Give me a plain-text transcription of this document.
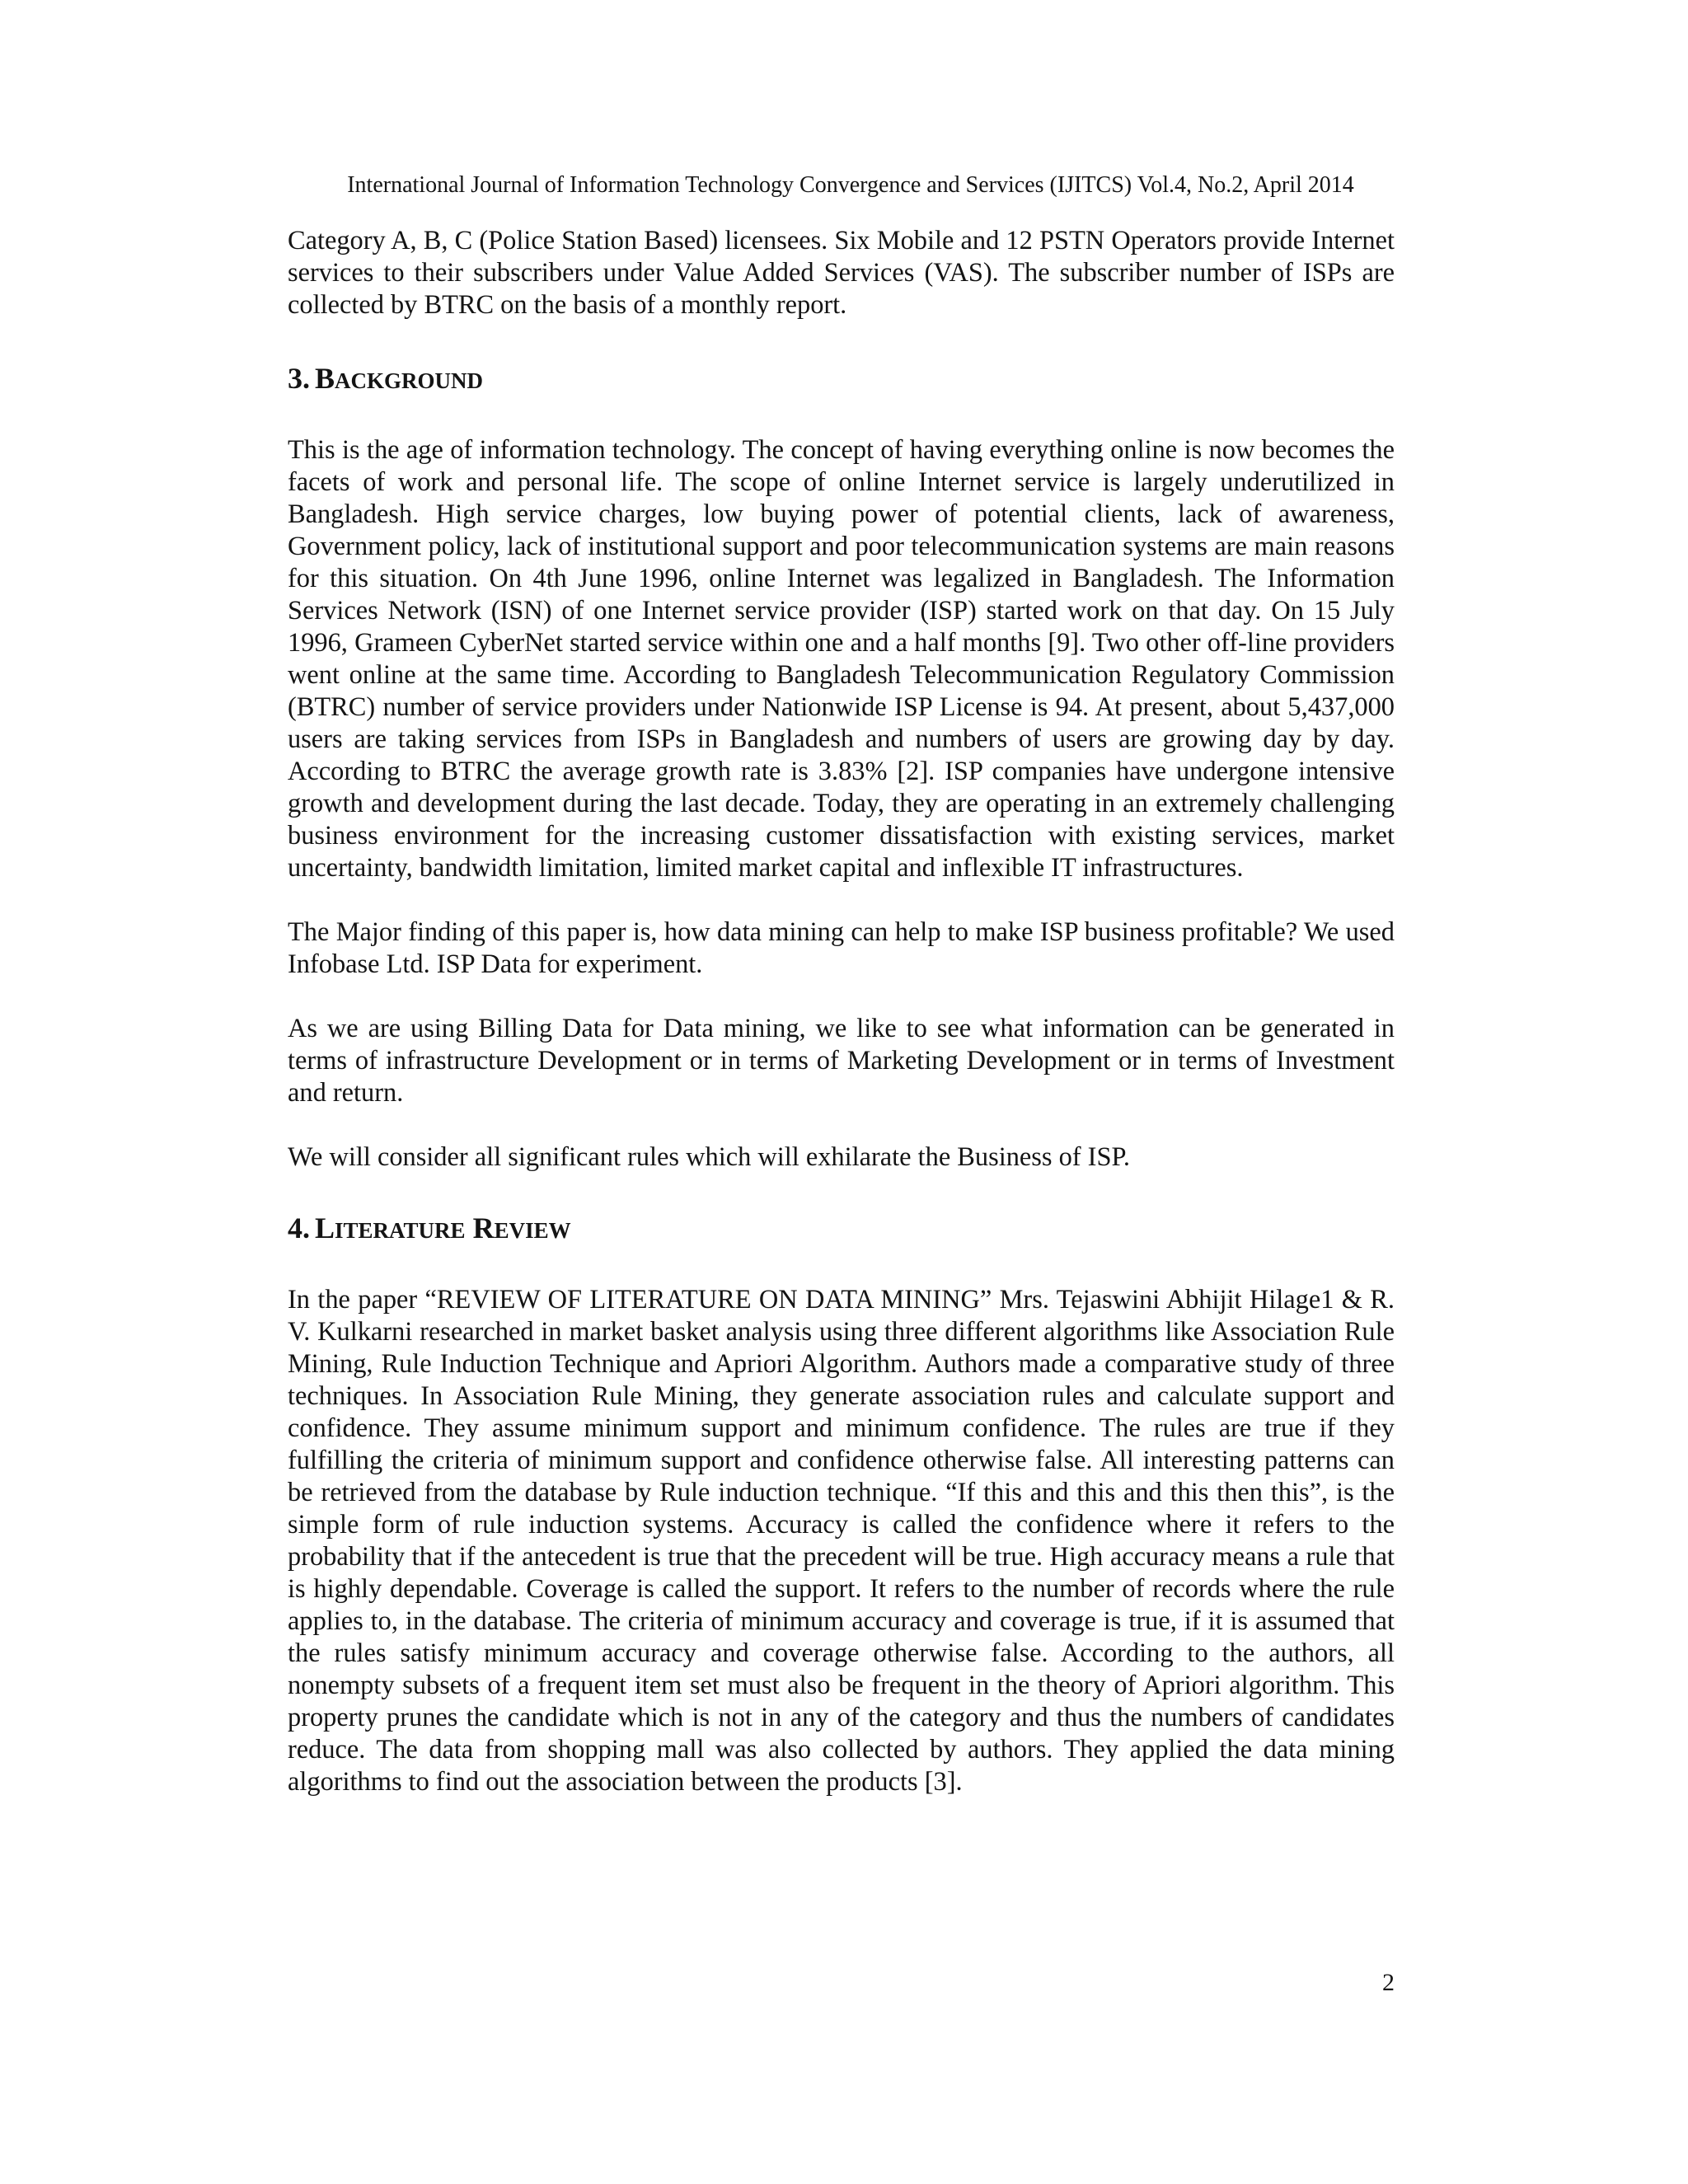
International Journal of Information Technology Convergence and Services (IJITCS) Vol.4, No.2, April 2014

Category A, B, C (Police Station Based) licensees. Six Mobile and 12 PSTN Operators provide Internet services to their subscribers under Value Added Services (VAS). The subscriber number of ISPs are collected by BTRC on the basis of a monthly report.

3. BACKGROUND

This is the age of information technology. The concept of having everything online is now becomes the facets of work and personal life. The scope of online Internet service is largely underutilized in Bangladesh. High service charges, low buying power of potential clients, lack of awareness, Government policy, lack of institutional support and poor telecommunication systems are main reasons for this situation. On 4th June 1996, online Internet was legalized in Bangladesh. The Information Services Network (ISN) of one Internet service provider (ISP) started work on that day. On 15 July 1996, Grameen CyberNet started service within one and a half months [9]. Two other off-line providers went online at the same time. According to Bangladesh Telecommunication Regulatory Commission (BTRC) number of service providers under Nationwide ISP License is 94. At present, about 5,437,000 users are taking services from ISPs in Bangladesh and numbers of users are growing day by day. According to BTRC the average growth rate is 3.83% [2]. ISP companies have undergone intensive growth and development during the last decade. Today, they are operating in an extremely challenging business environment for the increasing customer dissatisfaction with existing services, market uncertainty, bandwidth limitation, limited market capital and inflexible IT infrastructures.

The Major finding of this paper is, how data mining can help to make ISP business profitable? We used Infobase Ltd. ISP Data for experiment.

As we are using Billing Data for Data mining, we like to see what information can be generated in terms of infrastructure Development or in terms of Marketing Development or in terms of Investment and return.

We will consider all significant rules which will exhilarate the Business of ISP.

4. LITERATURE REVIEW

In the paper “REVIEW OF LITERATURE ON DATA MINING” Mrs. Tejaswini Abhijit Hilage1 & R. V. Kulkarni researched in market basket analysis using three different algorithms like Association Rule Mining, Rule Induction Technique and Apriori Algorithm. Authors made a comparative study of three techniques. In Association Rule Mining, they generate association rules and calculate support and confidence. They assume minimum support and minimum confidence. The rules are true if they fulfilling the criteria of minimum support and confidence otherwise false. All interesting patterns can be retrieved from the database by Rule induction technique. “If this and this and this then this”, is the simple form of rule induction systems. Accuracy is called the confidence where it refers to the probability that if the antecedent is true that the precedent will be true. High accuracy means a rule that is highly dependable. Coverage is called the support. It refers to the number of records where the rule applies to, in the database. The criteria of minimum accuracy and coverage is true, if it is assumed that the rules satisfy minimum accuracy and coverage otherwise false. According to the authors, all nonempty subsets of a frequent item set must also be frequent in the theory of Apriori algorithm. This property prunes the candidate which is not in any of the category and thus the numbers of candidates reduce. The data from shopping mall was also collected by authors. They applied the data mining algorithms to find out the association between the products [3].

2
